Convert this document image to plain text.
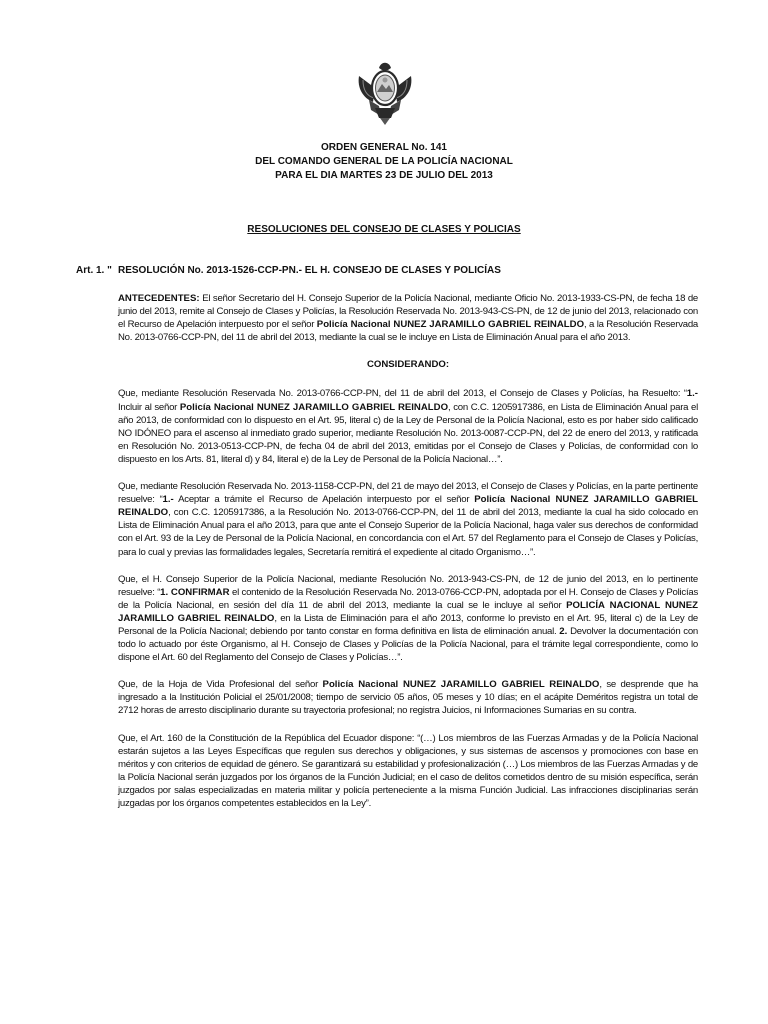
ORDEN GENERAL No. 141
DEL COMANDO GENERAL DE LA POLICÍA NACIONAL
PARA EL DIA MARTES 23 DE JULIO DEL 2013
RESOLUCIONES DEL CONSEJO DE CLASES Y POLICIAS
Art. 1. " RESOLUCIÓN No. 2013-1526-CCP-PN.- EL H. CONSEJO DE CLASES Y POLICÍAS

ANTECEDENTES: El señor Secretario del H. Consejo Superior de la Policía Nacional, mediante Oficio No. 2013-1933-CS-PN, de fecha 18 de junio del 2013, remite al Consejo de Clases y Policías, la Resolución Reservada No. 2013-943-CS-PN, de 12 de junio del 2013, relacionado con el Recurso de Apelación interpuesto por el señor Policía Nacional NUNEZ JARAMILLO GABRIEL REINALDO, a la Resolución Reservada No. 2013-0766-CCP-PN, del 11 de abril del 2013, mediante la cual se le incluye en Lista de Eliminación Anual para el año 2013.

CONSIDERANDO:

Que, mediante Resolución Reservada No. 2013-0766-CCP-PN, del 11 de abril del 2013, el Consejo de Clases y Policías, ha Resuelto: “1.- Incluir al señor Policía Nacional NUNEZ JARAMILLO GABRIEL REINALDO, con C.C. 1205917386, en Lista de Eliminación Anual para el año 2013, de conformidad con lo dispuesto en el Art. 95, literal c) de la Ley de Personal de la Policía Nacional, esto es por haber sido calificado NO IDÓNEO para el ascenso al inmediato grado superior, mediante Resolución No. 2013-0087-CCP-PN, del 22 de enero del 2013, y ratificada en Resolución No. 2013-0513-CCP-PN, de fecha 04 de abril del 2013, emitidas por el Consejo de Clases y Policías, de conformidad con lo dispuesto en los Arts. 81, literal d) y 84, literal e) de la Ley de Personal de la Policía Nacional…”.

Que, mediante Resolución Reservada No. 2013-1158-CCP-PN, del 21 de mayo del 2013, el Consejo de Clases y Policías, en la parte pertinente resuelve: “1.- Aceptar a trámite el Recurso de Apelación interpuesto por el señor Policía Nacional NUNEZ JARAMILLO GABRIEL REINALDO, con C.C. 1205917386, a la Resolución No. 2013-0766-CCP-PN, del 11 de abril del 2013, mediante la cual ha sido colocado en Lista de Eliminación Anual para el año 2013, para que ante el Consejo Superior de la Policía Nacional, haga valer sus derechos de conformidad con el Art. 93 de la Ley de Personal de la Policía Nacional, en concordancia con el Art. 57 del Reglamento para el Consejo de Clases y Policías, para lo cual y previas las formalidades legales, Secretaría remitirá el expediente al citado Organismo…”.

Que, el H. Consejo Superior de la Policía Nacional, mediante Resolución No. 2013-943-CS-PN, de 12 de junio del 2013, en lo pertinente resuelve: “1. CONFIRMAR el contenido de la Resolución Reservada No. 2013-0766-CCP-PN, adoptada por el H. Consejo de Clases y Policías de la Policía Nacional, en sesión del día 11 de abril del 2013, mediante la cual se le incluye al señor POLICÍA NACIONAL NUNEZ JARAMILLO GABRIEL REINALDO, en la Lista de Eliminación para el año 2013, conforme lo previsto en el Art. 95, literal c) de la Ley de Personal de la Policía Nacional; debiendo por tanto constar en forma definitiva en lista de eliminación anual. 2. Devolver la documentación con todo lo actuado por éste Organismo, al H. Consejo de Clases y Policías de la Policía Nacional, para el trámite legal correspondiente, como lo dispone el Art. 60 del Reglamento del Consejo de Clases y Policías…”.

Que, de la Hoja de Vida Profesional del señor Policía Nacional NUNEZ JARAMILLO GABRIEL REINALDO, se desprende que ha ingresado a la Institución Policial el 25/01/2008; tiempo de servicio 05 años, 05 meses y 10 días; en el acápite Deméritos registra un total de 2712 horas de arresto disciplinario durante su trayectoria profesional; no registra Juicios, ni Informaciones Sumarias en su contra.

Que, el Art. 160 de la Constitución de la República del Ecuador dispone: “(…) Los miembros de las Fuerzas Armadas y de la Policía Nacional estarán sujetos a las Leyes Específicas que regulen sus derechos y obligaciones, y sus sistemas de ascensos y promociones con base en méritos y con criterios de equidad de género. Se garantizará su estabilidad y profesionalización (…) Los miembros de las Fuerzas Armadas y de la Policía Nacional serán juzgados por los órganos de la Función Judicial; en el caso de delitos cometidos dentro de su misión específica, serán juzgados por salas especializadas en materia militar y policía perteneciente a la misma Función Judicial. Las infracciones disciplinarias serán juzgadas por los órganos competentes establecidos en la Ley”.
